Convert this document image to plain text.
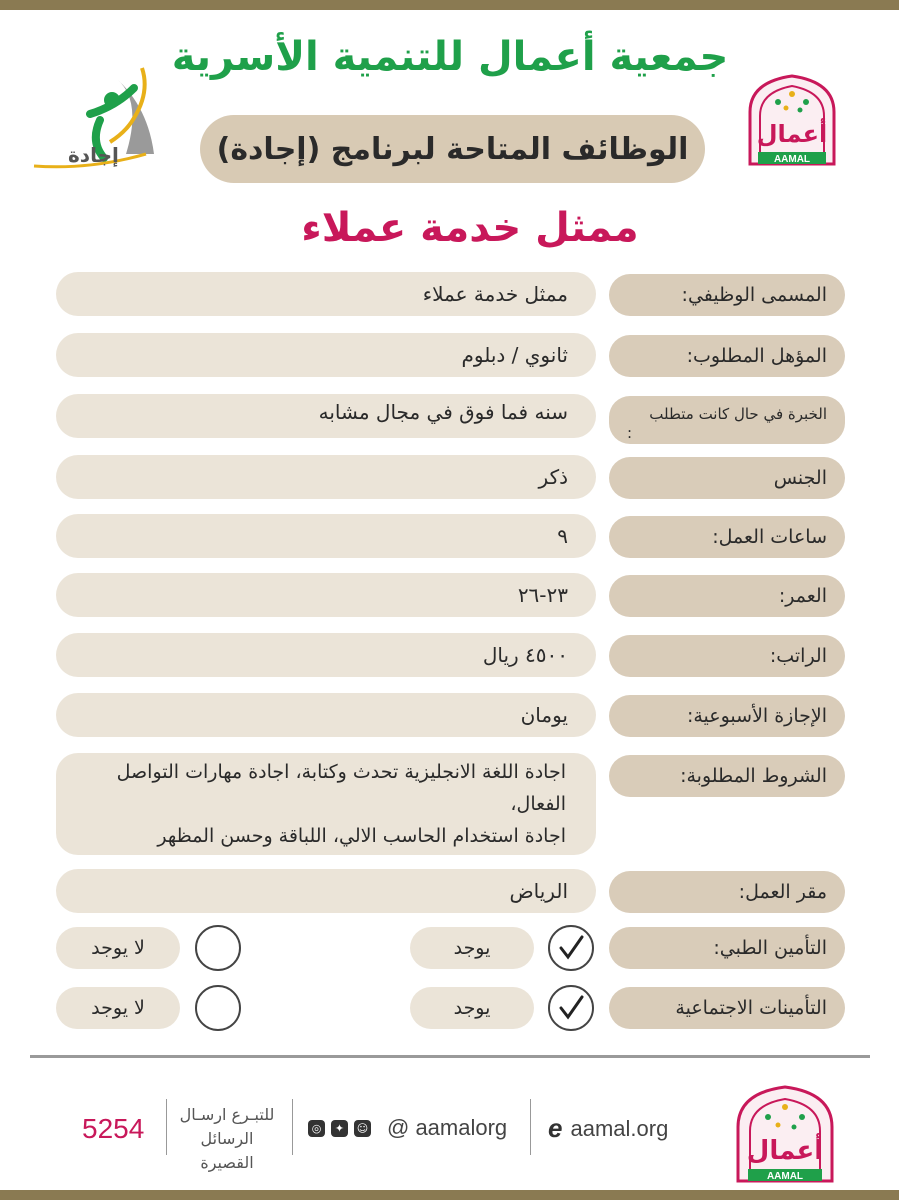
إجادة
جمعية أعمال للتنمية الأسرية
أعمال
AAMAL
الوظائف المتاحة لبرنامج (إجادة)
ممثل خدمة عملاء
المسمى الوظيفي:
ممثل خدمة عملاء
المؤهل المطلوب:
ثانوي / دبلوم
الخبرة في حال كانت متطلب
:
سنه فما فوق في مجال مشابه
الجنس
ذكر
ساعات العمل:
٩
العمر:
٢٣-٢٦
الراتب:
٤٥٠٠ ريال
الإجازة الأسبوعية:
يومان
الشروط المطلوبة:
اجادة اللغة الانجليزية تحدث وكتابة، اجادة مهارات التواصل الفعال،
اجادة استخدام الحاسب الالي، اللباقة وحسن المظهر
مقر العمل:
الرياض
التأمين الطبي:
يوجد
لا يوجد
التأمينات الاجتماعية
يوجد
لا يوجد
5254	للتبـرع ارسـال
الرسائل القصيرة
◎	✦	☺ @ aamalorg e aamal.org
أعمال
AAMAL
